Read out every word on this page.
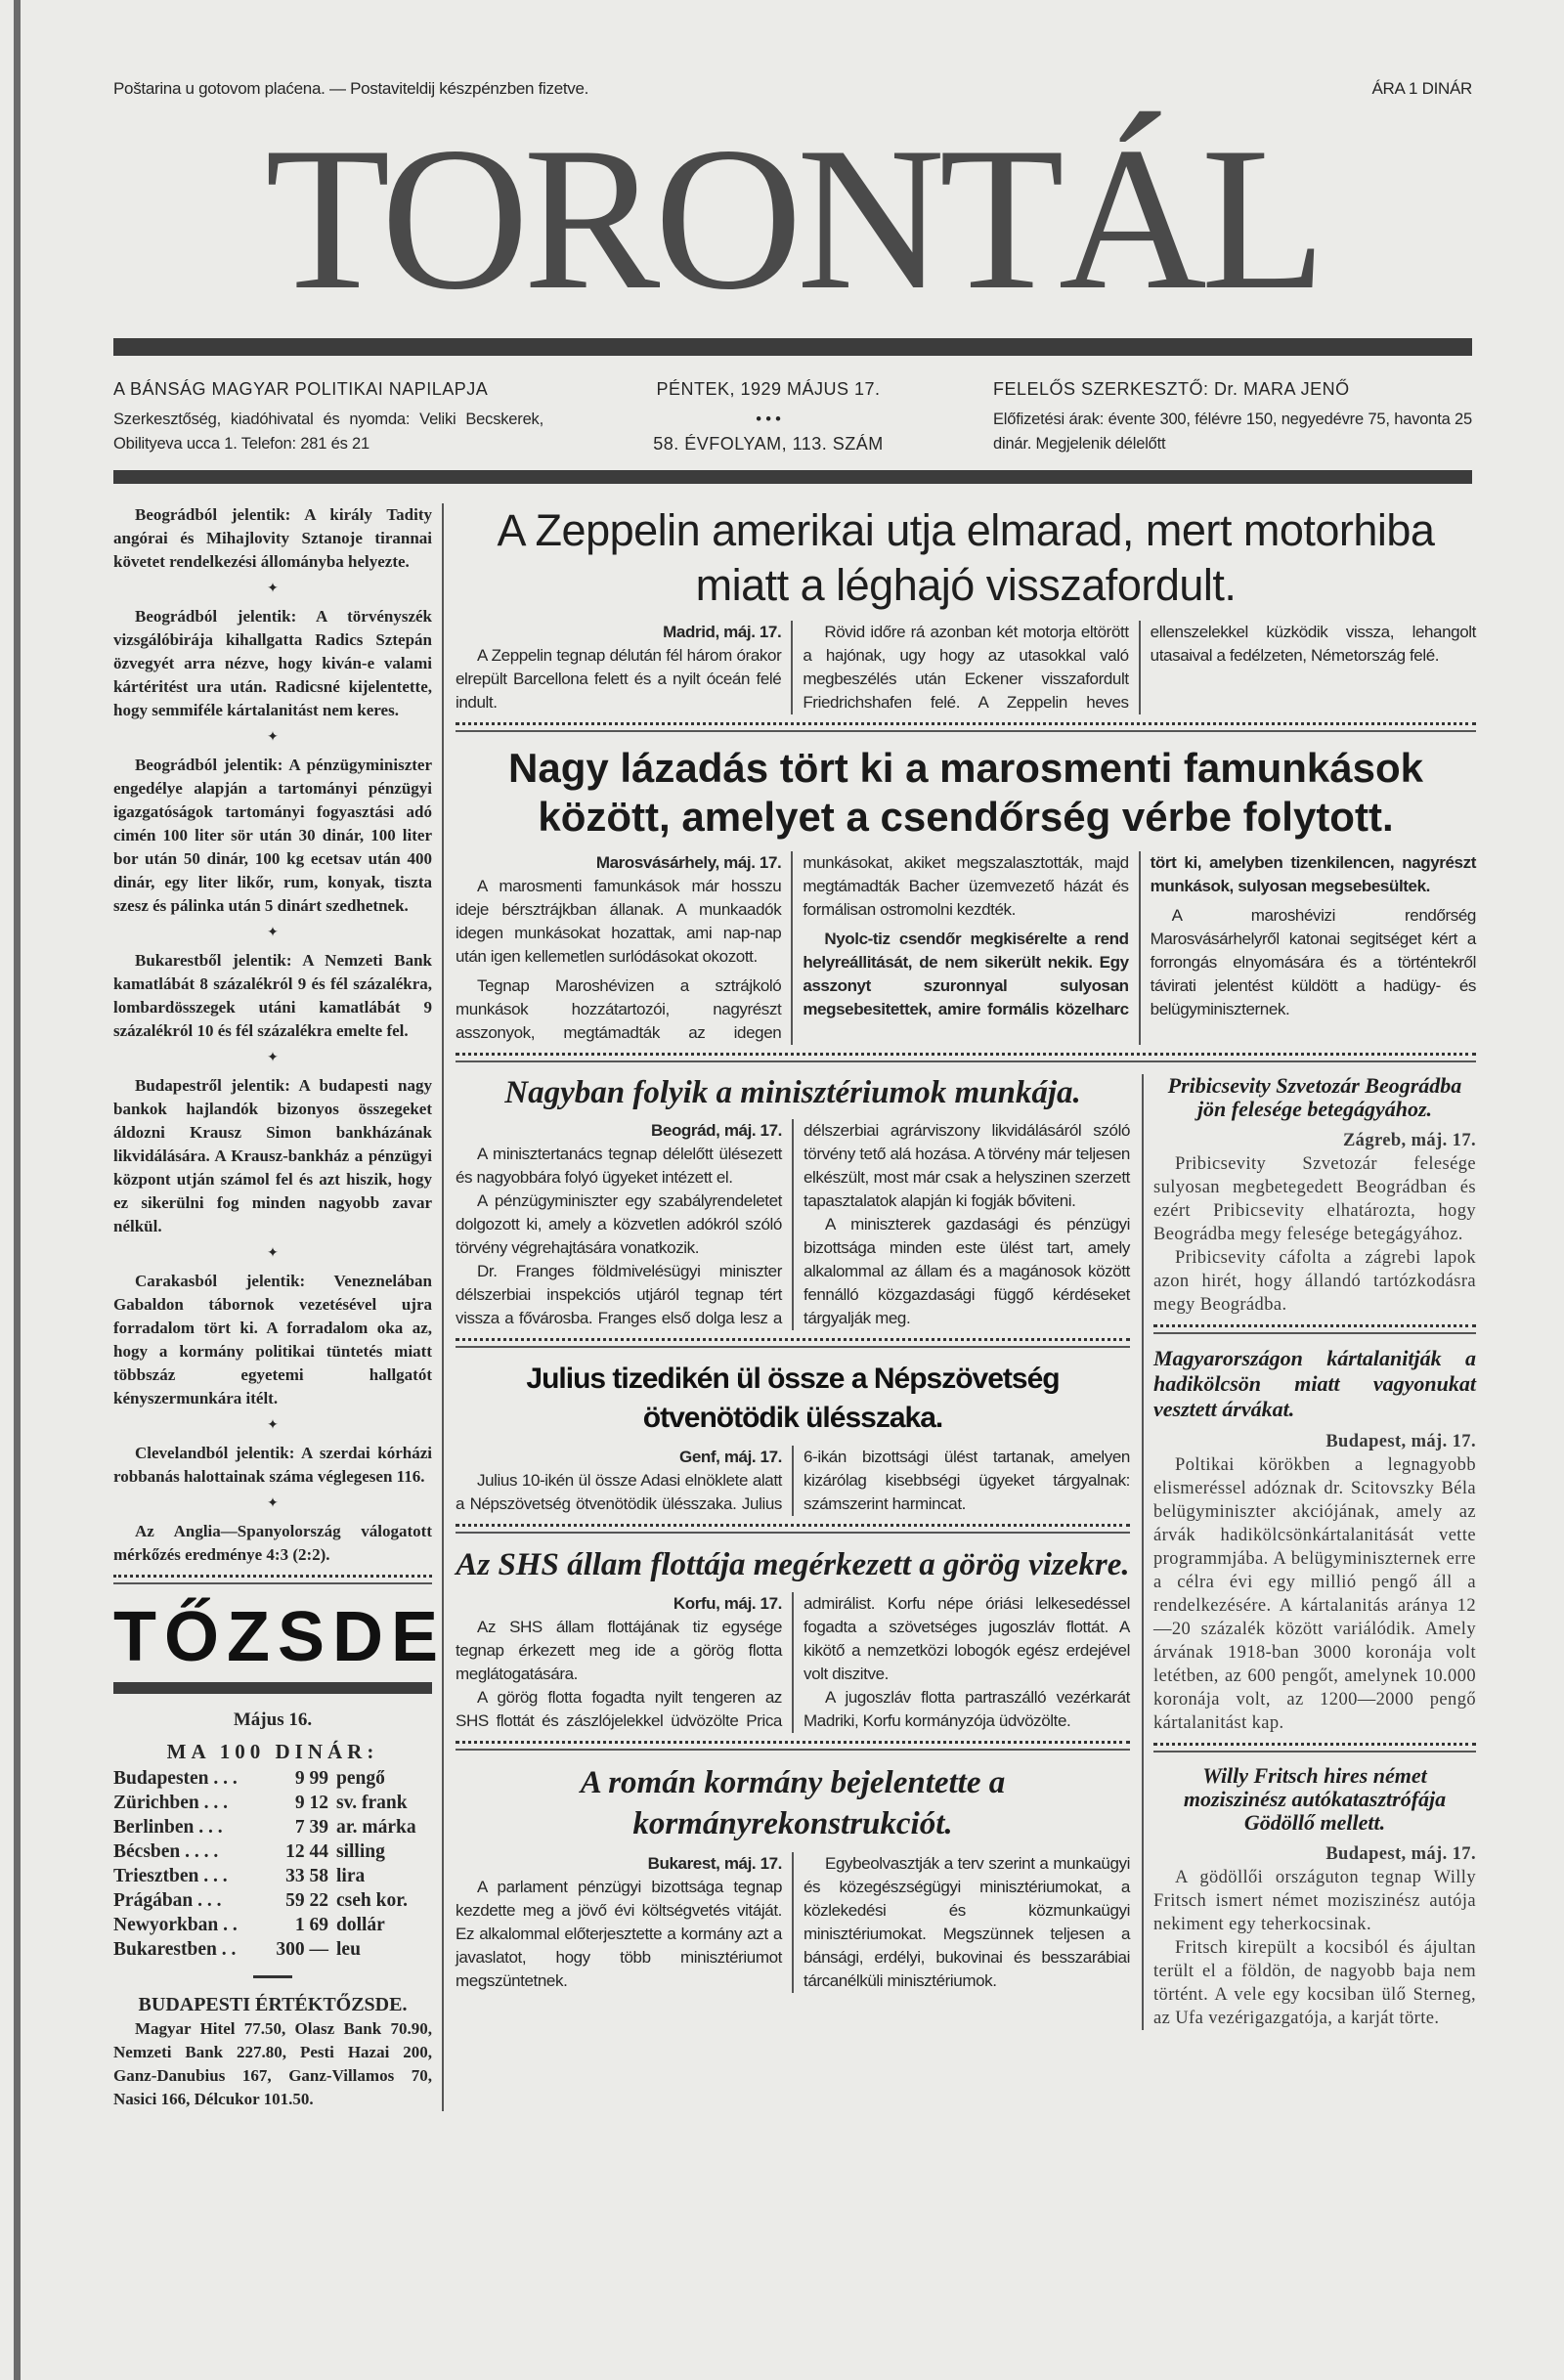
Poštarina u gotovom plaćena. — Postaviteldij készpénzben fizetve.	ÁRA 1 DINÁR
TORONTÁL
A BÁNSÁG MAGYAR POLITIKAI NAPILAPJA
Szerkesztőség, kiadóhivatal és nyomda: Veliki Becskerek, Obilityeva ucca 1. Telefon: 281 és 21
PÉNTEK, 1929 MÁJUS 17.
• • •
58. ÉVFOLYAM, 113. SZÁM
FELELŐS SZERKESZTŐ: Dr. MARA JENŐ
Előfizetési árak: évente 300, félévre 150, negyedévre 75, havonta 25 dinár. Megjelenik délelőtt
Beográdból jelentik: A király Tadity angórai és Mihajlovity Sztanoje tirannai követet rendelkezési állományba helyezte.
✦
Beográdból jelentik: A törvényszék vizsgálóbirája kihallgatta Radics Sztepán özvegyét arra nézve, hogy kiván-e valami kártéritést ura után. Radicsné kijelentette, hogy semmiféle kártalanitást nem keres.
✦
Beográdból jelentik: A pénzügyminiszter engedélye alapján a tartományi pénzügyi igazgatóságok tartományi fogyasztási adó cimén 100 liter sör után 30 dinár, 100 liter bor után 50 dinár, 100 kg ecetsav után 400 dinár, egy liter likőr, rum, konyak, tiszta szesz és pálinka után 5 dinárt szedhetnek.
✦
Bukarestből jelentik: A Nemzeti Bank kamatlábát 8 százalékról 9 és fél százalékra, lombardösszegek utáni kamatlábát 9 százalékról 10 és fél százalékra emelte fel.
✦
Budapestről jelentik: A budapesti nagy bankok hajlandók bizonyos összegeket áldozni Krausz Simon bankházának likvidálására. A Krausz-bankház a pénzügyi központ utján számol fel és azt hiszik, hogy ez sikerülni fog minden nagyobb zavar nélkül.
✦
Carakasból jelentik: Veneznelában Gabaldon tábornok vezetésével ujra forradalom tört ki. A forradalom oka az, hogy a kormány politikai tüntetés miatt többszáz egyetemi hallgatót kényszermunkára itélt.
✦
Clevelandból jelentik: A szerdai kórházi robbanás halottainak száma véglegesen 116.
✦
Az Anglia—Spanyolország válogatott mérkőzés eredménye 4:3 (2:2).
TŐZSDE
Május 16.
MA 100 DINÁR:
Budapesten . . .	9 99 pengő
Zürichben . . .	9 12 sv. frank
Berlinben . . .	7 39 ar. márka
Bécsben . . . .	12 44 silling
Triesztben . . .	33 58 lira
Prágában . . .	59 22 cseh kor.
Newyorkban . .	1 69 dollár
Bukarestben . .	300 — leu
BUDAPESTI ÉRTÉKTŐZSDE.
Magyar Hitel 77.50, Olasz Bank 70.90, Nemzeti Bank 227.80, Pesti Hazai 200, Ganz-Danubius 167, Ganz-Villamos 70, Nasici 166, Délcukor 101.50.
A Zeppelin amerikai utja elmarad, mert motorhiba miatt a léghajó visszafordult.

Madrid, máj. 17.

A Zeppelin tegnap délután fél három órakor elrepült Barcellona felett és a nyilt óceán felé indult.

Rövid időre rá azonban két motorja eltörött a hajónak, ugy hogy az utasokkal való megbeszélés után Eckener visszafordult Friedrichshafen felé. A Zeppelin heves ellenszelekkel küzködik vissza, lehangolt utasaival a fedélzeten, Németország felé.

Nagy lázadás tört ki a marosmenti famunkások között, amelyet a csendőrség vérbe folytott.

Marosvásárhely, máj. 17.

A marosmenti famunkások már hosszu ideje bérsztrájkban állanak. A munkaadók idegen munkásokat hozattak, ami nap-nap után igen kellemetlen surlódásokat okozott.

Tegnap Maroshévizen a sztrájkoló munkások hozzátartozói, nagyrészt asszonyok, megtámadták az idegen munkásokat, akiket megszalasztották, majd megtámadták Bacher üzemvezető házát és formálisan ostromolni kezdték.

Nyolc-tiz csendőr megkisérelte a rend helyreállitását, de nem sikerült nekik. Egy asszonyt szuronnyal sulyosan megsebesitettek, amire formális közelharc tört ki, amelyben tizenkilencen, nagyrészt munkások, sulyosan megsebesültek.

A maroshévizi rendőrség Marosvásárhelyről katonai segitséget kért a forrongás elnyomására és a történtekről távirati jelentést küldött a hadügy- és belügyminiszternek.

Nagyban folyik a minisztériumok munkája.

Beográd, máj. 17.

A minisztertanács tegnap délelőtt ülésezett és nagyobbára folyó ügyeket intézett el.

A pénzügyminiszter egy szabályrendeletet dolgozott ki, amely a közvetlen adókról szóló törvény végrehajtására vonatkozik.

Dr. Franges földmivelésügyi miniszter délszerbiai inspekciós utjáról tegnap tért vissza a fővárosba. Franges első dolga lesz a délszerbiai agrárviszony likvidálásáról szóló törvény tető alá hozása. A törvény már teljesen elkészült, most már csak a helyszinen szerzett tapasztalatok alapján ki fogják bőviteni.

A miniszterek gazdasági és pénzügyi bizottsága minden este ülést tart, amely alkalommal az állam és a magánosok között fennálló közgazdasági függő kérdéseket tárgyalják meg.

Julius tizedikén ül össze a Népszövetség ötvenötödik ülésszaka.

Genf, máj. 17.

Julius 10-ikén ül össze Adasi elnöklete alatt a Népszövetség ötvenötödik ülésszaka. Julius 6-ikán bizottsági ülést tartanak, amelyen kizárólag kisebbségi ügyeket tárgyalnak: számszerint harmincat.

Az SHS állam flottája megérkezett a görög vizekre.

Korfu, máj. 17.

Az SHS állam flottájának tiz egysége tegnap érkezett meg ide a görög flotta meglátogatására.

A görög flotta fogadta nyilt tengeren az SHS flottát és zászlójelekkel üdvözölte Prica admirálist. Korfu népe óriási lelkesedéssel fogadta a szövetséges jugoszláv flottát. A kikötő a nemzetközi lobogók egész erdejével volt diszitve.

A jugoszláv flotta partraszálló vezérkarát Madriki, Korfu kormányzója üdvözölte.

A román kormány bejelentette a kormányrekonstrukciót.

Bukarest, máj. 17.

A parlament pénzügyi bizottsága tegnap kezdette meg a jövő évi költségvetés vitáját. Ez alkalommal előterjesztette a kormány azt a javaslatot, hogy több minisztériumot megszüntetnek.

Egybeolvasztják a terv szerint a munkaügyi és közegészségügyi minisztériumokat, a közlekedési és közmunkaügyi minisztériumokat. Megszünnek teljesen a bánsági, erdélyi, bukovinai és besszarábiai tárcanélküli minisztériumok.

Pribicsevity Szvetozár Beográdba jön felesége betegágyához.

Zágreb, máj. 17.

Pribicsevity Szvetozár felesége sulyosan megbetegedett Beográdban és ezért Pribicsevity elhatározta, hogy Beográdba megy felesége betegágyához.

Pribicsevity cáfolta a zágrebi lapok azon hirét, hogy állandó tartózkodásra megy Beográdba.

Magyarországon kártalanitják a hadikölcsön miatt vagyonukat vesztett árvákat.

Budapest, máj. 17.

Poltikai körökben a legnagyobb elismeréssel adóznak dr. Scitovszky Béla belügyminiszter akciójának, amely az árvák hadikölcsönkártalanitását vette programmjába. A belügyminiszternek erre a célra évi egy millió pengő áll a rendelkezésére. A kártalanitás aránya 12—20 százalék között variálódik. Amely árvának 1918-ban 3000 koronája volt letétben, az 600 pengőt, amelynek 10.000 koronája volt, az 1200—2000 pengő kártalanitást kap.

Willy Fritsch hires német moziszinész autókatasztrófája Gödöllő mellett.

Budapest, máj. 17.

A gödöllői országuton tegnap Willy Fritsch ismert német moziszinész autója nekiment egy teherkocsinak.

Fritsch kirepült a kocsiból és ájultan terült el a földön, de nagyobb baja nem történt. A vele egy kocsiban ülő Sterneg, az Ufa vezérigazgatója, a karját törte.
